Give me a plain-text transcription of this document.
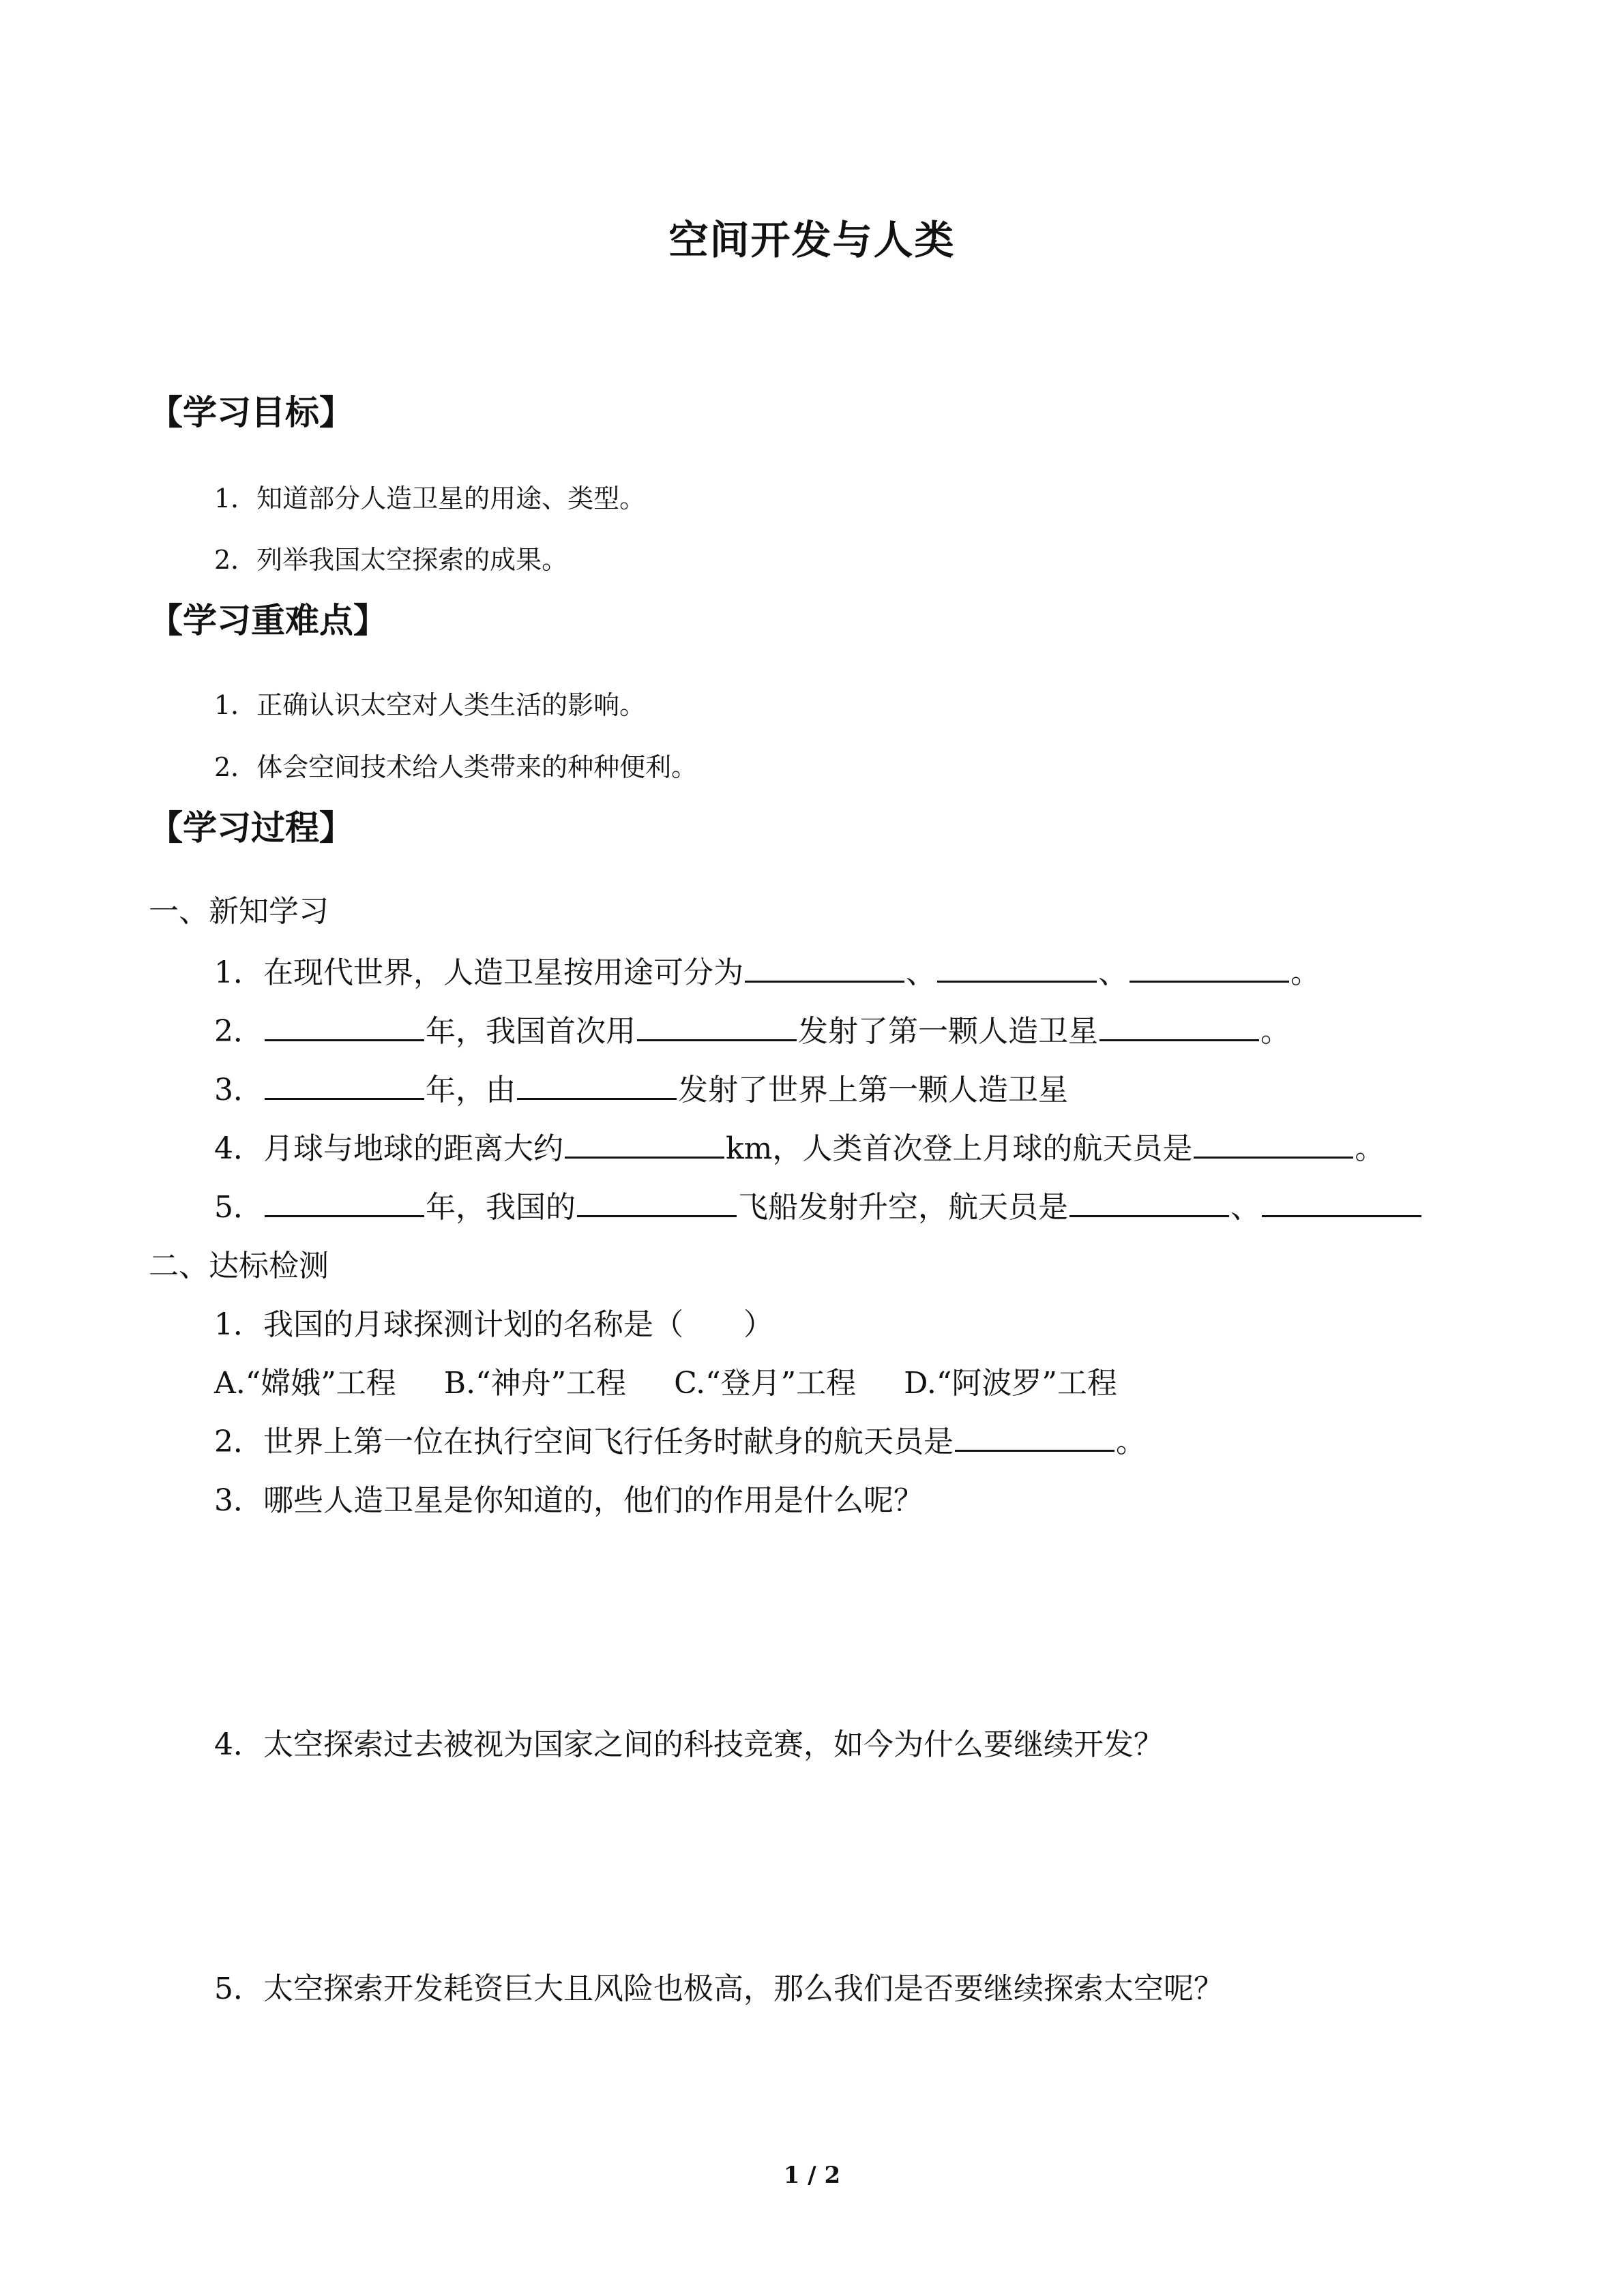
空间开发与人类
【学习目标】
1．知道部分人造卫星的用途、类型。
2．列举我国太空探索的成果。
【学习重难点】
1．正确认识太空对人类生活的影响。
2．体会空间技术给人类带来的种种便利。
【学习过程】
一、新知学习
1．在现代世界，人造卫星按用途可分为	、	、	。
2．	年，我国首次用	发射了第一颗人造卫星	。
3．	年，由	发射了世界上第一颗人造卫星
4．月球与地球的距离大约	km，人类首次登上月球的航天员是	。
5．	年，我国的	飞船发射升空，航天员是	、
二、达标检测
1．我国的月球探测计划的名称是（　　）
A.“嫦娥”工程 B.“神舟”工程 C.“登月”工程 D.“阿波罗”工程
2．世界上第一位在执行空间飞行任务时献身的航天员是	。
3．哪些人造卫星是你知道的，他们的作用是什么呢？
4．太空探索过去被视为国家之间的科技竞赛，如今为什么要继续开发？
5．太空探索开发耗资巨大且风险也极高，那么我们是否要继续探索太空呢？
1 / 2
